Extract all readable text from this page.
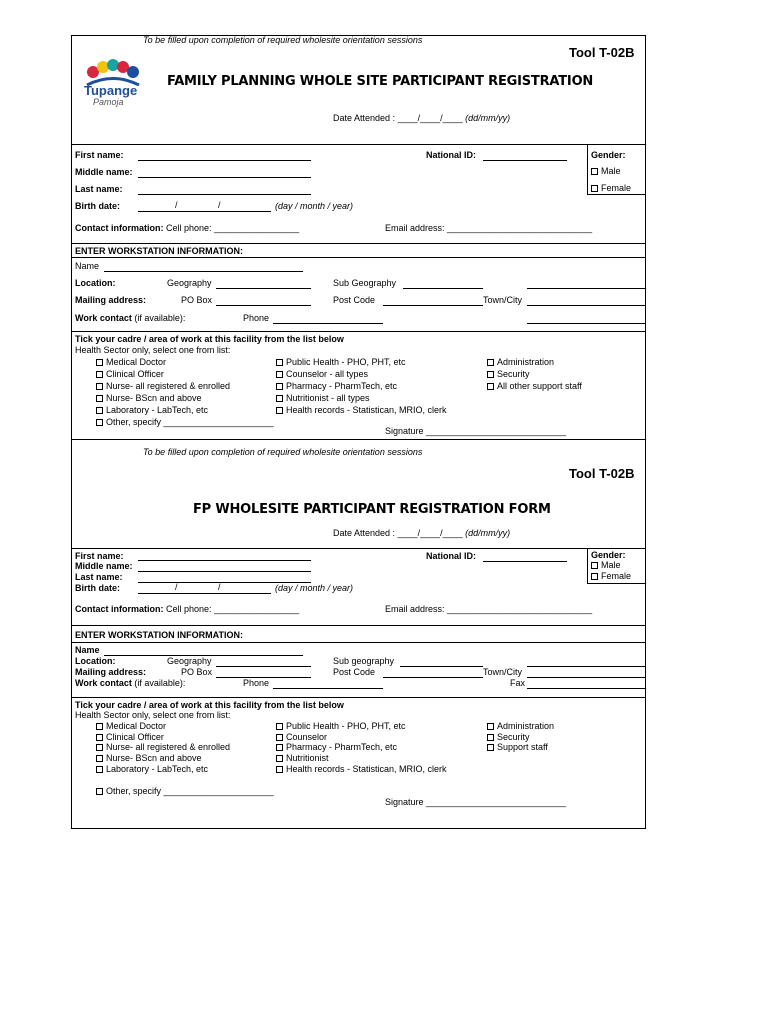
To be filled upon completion of required wholesite orientation sessions
Tool T-02B
Tupange
Pamoja
FAMILY PLANNING WHOLE SITE PARTICIPANT REGISTRATION
Date Attended : ____/____/____ (dd/mm/yy)
First name:
Middle name:
Last name:
Birth date:	/	/	(day / month / year)
National ID:	Gender:
Male
Female
Contact information: Cell phone: _________________	Email address: _____________________________
ENTER WORKSTATION INFORMATION:
Name
Location:	Geography	Sub Geography
Mailing address:	PO Box	Post Code	Town/City
Work contact (if available):	Phone
Tick your cadre / area of work at this facility from the list below
Health Sector only, select one from list:
Medical Doctor
Clinical Officer
Nurse- all registered & enrolled
Nurse- BScn and above
Laboratory - LabTech, etc
Other, specify ______________________
Public Health - PHO, PHT, etc
Counselor - all types
Pharmacy - PharmTech, etc
Nutritionist - all types
Health records - Statistican, MRIO, clerk
Administration
Security
All other support staff
Signature ____________________________
To be filled upon completion of required wholesite orientation sessions
Tool T-02B
FP WHOLESITE PARTICIPANT REGISTRATION FORM
Date Attended : ____/____/____ (dd/mm/yy)
First name:
Middle name:
Last name:
Birth date:	/	/	(day / month / year)
National ID:	Gender:
Male
Female
Contact information: Cell phone: _________________	Email address: _____________________________
ENTER WORKSTATION INFORMATION:
Name
Location:	Geography	Sub geography
Mailing address:	PO Box	Post Code	Town/City
Work contact (if available):	Phone	Fax
Tick your cadre / area of work at this facility from the list below
Health Sector only, select one from list:
Medical Doctor
Clinical Officer
Nurse- all registered & enrolled
Nurse- BScn and above
Laboratory - LabTech, etc
Public Health - PHO, PHT, etc
Counselor
Pharmacy - PharmTech, etc
Nutritionist
Health records - Statistican, MRIO, clerk
Administration
Security
Support staff
Other, specify ______________________
Signature ____________________________
